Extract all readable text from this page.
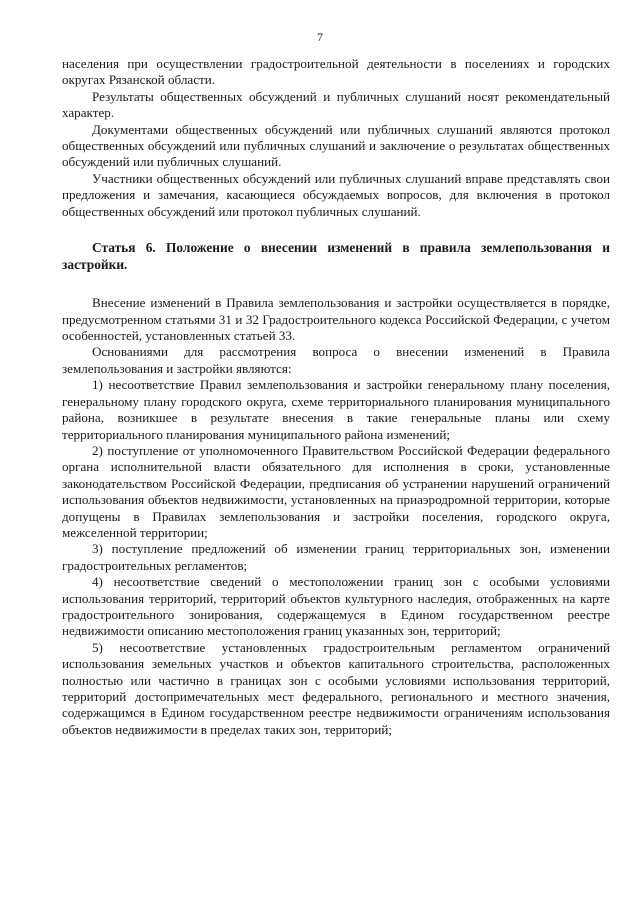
7

населения при осуществлении градостроительной деятельности в поселениях и городских округах Рязанской области.

Результаты общественных обсуждений и публичных слушаний носят рекомендательный характер.

Документами общественных обсуждений или публичных слушаний являются протокол общественных обсуждений или публичных слушаний и заключение о результатах общественных обсуждений или публичных слушаний.

Участники общественных обсуждений или публичных слушаний вправе представлять свои предложения и замечания, касающиеся обсуждаемых вопросов, для включения в протокол общественных обсуждений или протокол публичных слушаний.

Статья 6. Положение о внесении изменений в правила землепользования и застройки.

Внесение изменений в Правила землепользования и застройки осуществляется в порядке, предусмотренном статьями 31 и 32 Градостроительного кодекса Российской Федерации, с учетом особенностей, установленных статьей 33.

Основаниями для рассмотрения вопроса о внесении изменений в Правила землепользования и застройки являются:

1) несоответствие Правил землепользования и застройки генеральному плану поселения, генеральному плану городского округа, схеме территориального планирования муниципального района, возникшее в результате внесения в такие генеральные планы или схему территориального планирования муниципального района изменений;

2) поступление от уполномоченного Правительством Российской Федерации федерального органа исполнительной власти обязательного для исполнения в сроки, установленные законодательством Российской Федерации, предписания об устранении нарушений ограничений использования объектов недвижимости, установленных на приаэродромной территории, которые допущены в Правилах землепользования и застройки поселения, городского округа, межселенной территории;

3) поступление предложений об изменении границ территориальных зон, изменении градостроительных регламентов;

4) несоответствие сведений о местоположении границ зон с особыми условиями использования территорий, территорий объектов культурного наследия, отображенных на карте градостроительного зонирования, содержащемуся в Едином государственном реестре недвижимости описанию местоположения границ указанных зон, территорий;

5) несоответствие установленных градостроительным регламентом ограничений использования земельных участков и объектов капитального строительства, расположенных полностью или частично в границах зон с особыми условиями использования территорий, территорий достопримечательных мест федерального, регионального и местного значения, содержащимся в Едином государственном реестре недвижимости ограничениям использования объектов недвижимости в пределах таких зон, территорий;
